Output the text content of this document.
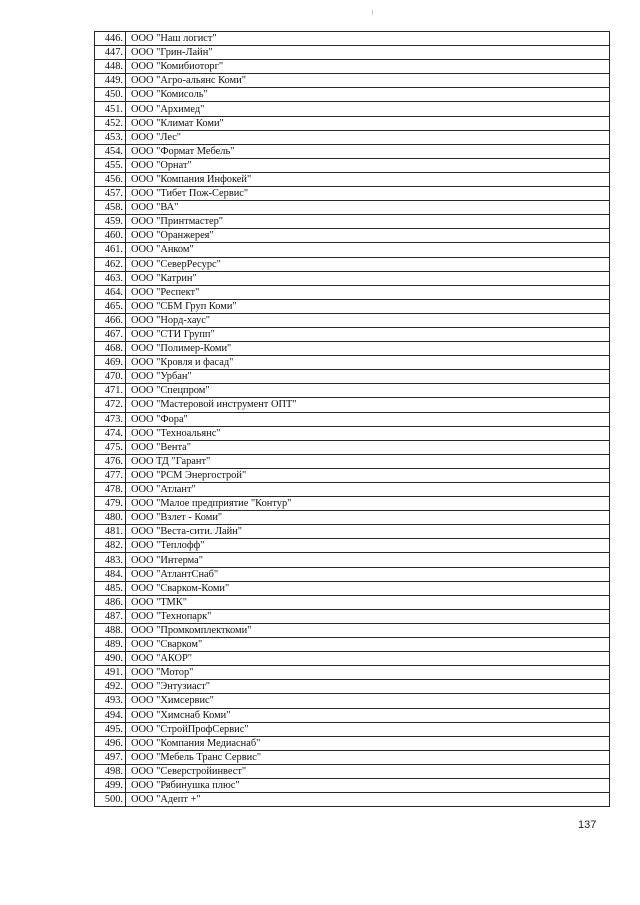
446.	ООО "Наш логист"
447.	ООО "Грин-Лайн"
448.	ООО "Комибиоторг"
449.	ООО "Агро-альянс Коми"
450.	ООО "Комисоль"
451.	ООО "Архимед"
452.	ООО "Климат Коми"
453.	ООО "Лес"
454.	ООО "Формат Мебель"
455.	ООО "Орнат"
456.	ООО "Компания Инфокей"
457.	ООО "Тибет Пож-Сервис"
458.	ООО "ВА"
459.	ООО "Принтмастер"
460.	ООО "Оранжерея"
461.	ООО "Анком"
462.	ООО "СеверРесурс"
463.	ООО "Катрин"
464.	ООО "Респект"
465.	ООО "СБМ Груп Коми"
466.	ООО "Норд-хаус"
467.	ООО "СТИ Групп"
468.	ООО "Полимер-Коми"
469.	ООО "Кровля и фасад"
470.	ООО "Урбан"
471.	ООО "Спецпром"
472.	ООО "Мастеровой инструмент ОПТ"
473.	ООО "Фора"
474.	ООО "Техноальянс"
475.	ООО "Вента"
476.	ООО ТД "Гарант"
477.	ООО "РСМ Энергострой"
478.	ООО "Атлант"
479.	ООО "Малое предприятие "Контур"
480.	ООО "Взлет - Коми"
481.	ООО "Веста-сити. Лайн"
482.	ООО "Теплофф"
483.	ООО "Интерма"
484.	ООО "АтлантСнаб"
485.	ООО "Сварком-Коми"
486.	ООО "ТМК"
487.	ООО "Технопарк"
488.	ООО "Промкомплекткоми"
489.	ООО "Сварком"
490.	ООО "АКОР"
491.	ООО "Мотор"
492.	ООО "Энтузиаст"
493.	ООО "Химсервис"
494.	ООО "Химснаб Коми"
495.	ООО "СтройПрофСервис"
496.	ООО "Компания Медиаснаб"
497.	ООО "Мебель Транс Сервис"
498.	ООО "Северстройинвест"
499.	ООО "Рябинушка плюс"
500.	ООО "Адепт +"
137
